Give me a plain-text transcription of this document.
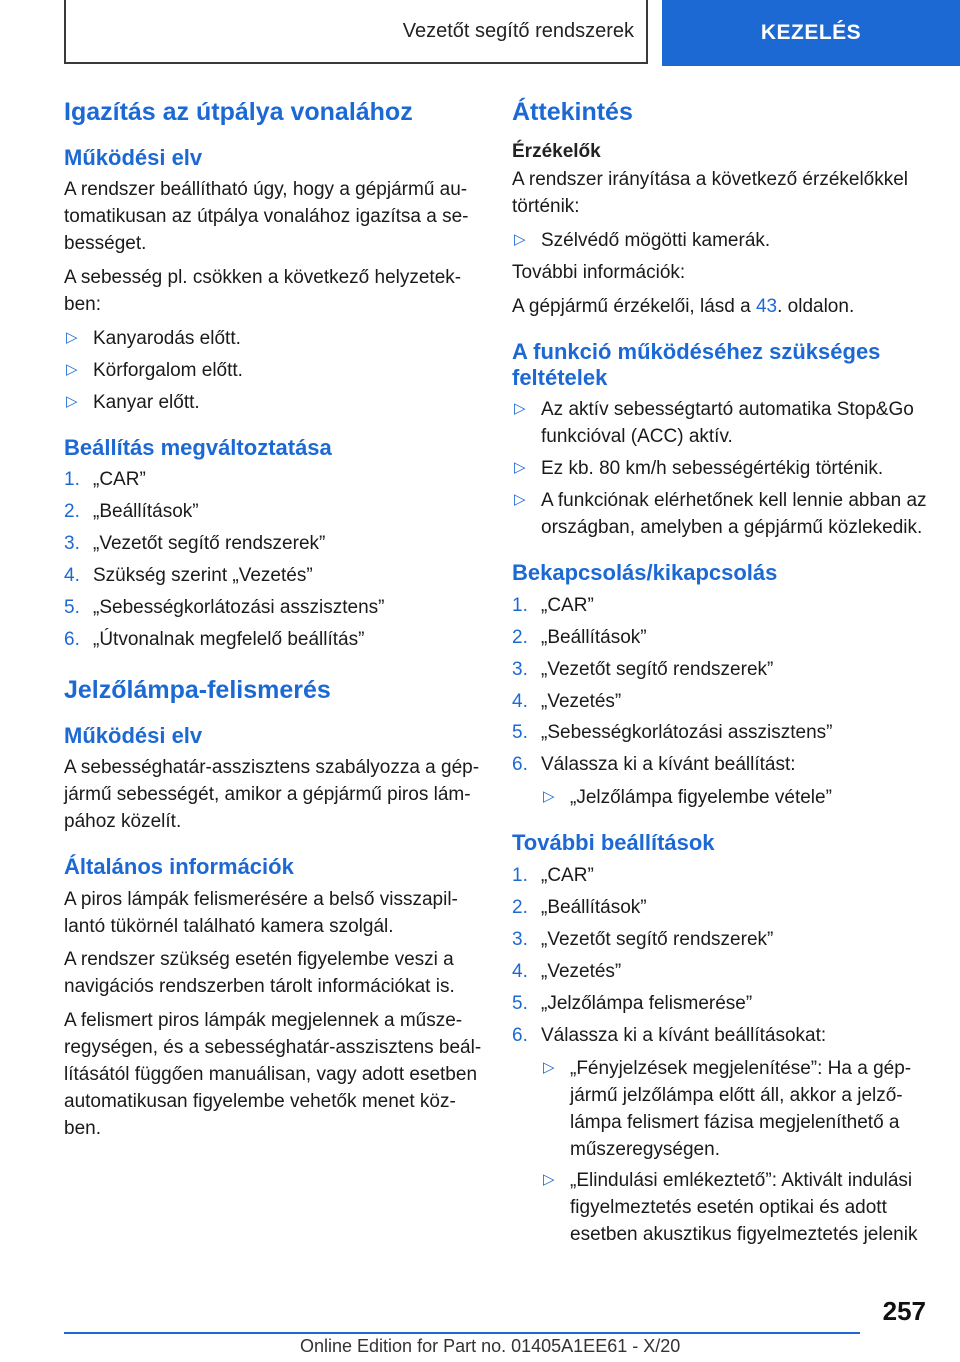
Vezetőt segítő rendszerek	KEZELÉS
Igazítás az útpálya vonalához
Működési elv

A rendszer beállítható úgy, hogy a gépjármű au-tomatikusan az útpálya vonalához igazítsa a se-bességet.

A sebesség pl. csökken a következő helyzetek-ben:

▷ Kanyarodás előtt.
▷ Körforgalom előtt.
▷ Kanyar előtt.
Beállítás megváltoztatása
1. „CAR”
2. „Beállítások”
3. „Vezetőt segítő rendszerek”
4. Szükség szerint „Vezetés”
5. „Sebességkorlátozási asszisztens”
6. „Útvonalnak megfelelő beállítás”
Jelzőlámpa-felismerés
Működési elv

A sebességhatár-asszisztens szabályozza a gép-jármű sebességét, amikor a gépjármű piros lám-pához közelít.

Általános információk

A piros lámpák felismerésére a belső visszapil-lantó tükörnél található kamera szolgál.

A rendszer szükség esetén figyelembe veszi a navigációs rendszerben tárolt információkat is.

A felismert piros lámpák megjelennek a műsze-regységen, és a sebességhatár-asszisztens beál-lításától függően manuálisan, vagy adott esetben automatikusan figyelembe vehetők menet köz-ben.

Áttekintés
Érzékelők

A rendszer irányítása a következő érzékelőkkel történik:

▷ Szélvédő mögötti kamerák.

További információk:

A gépjármű érzékelői, lásd a 43. oldalon.

A funkció működéséhez szükséges feltételek
▷ Az aktív sebességtartó automatika Stop&Go funkcióval (ACC) aktív.
▷ Ez kb. 80 km/h sebességértékig történik.
▷ A funkciónak elérhetőnek kell lennie abban az országban, amelyben a gépjármű közlekedik.
Bekapcsolás/kikapcsolás
1. „CAR”
2. „Beállítások”
3. „Vezetőt segítő rendszerek”
4. „Vezetés”
5. „Sebességkorlátozási asszisztens”
6. Válassza ki a kívánt beállítást:
▷ „Jelzőlámpa figyelembe vétele”
További beállítások
1. „CAR”
2. „Beállítások”
3. „Vezetőt segítő rendszerek”
4. „Vezetés”
5. „Jelzőlámpa felismerése”
6. Válassza ki a kívánt beállításokat:
▷ „Fényjelzések megjelenítése”: Ha a gép-jármű jelzőlámpa előtt áll, akkor a jelző-lámpa felismert fázisa megjeleníthető a műszeregységen.
▷ „Elindulási emlékeztető”: Aktivált indulási figyelmeztetés esetén optikai és adott esetben akusztikus figyelmeztetés jelenik
257
Online Edition for Part no. 01405A1EE61 - X/20
